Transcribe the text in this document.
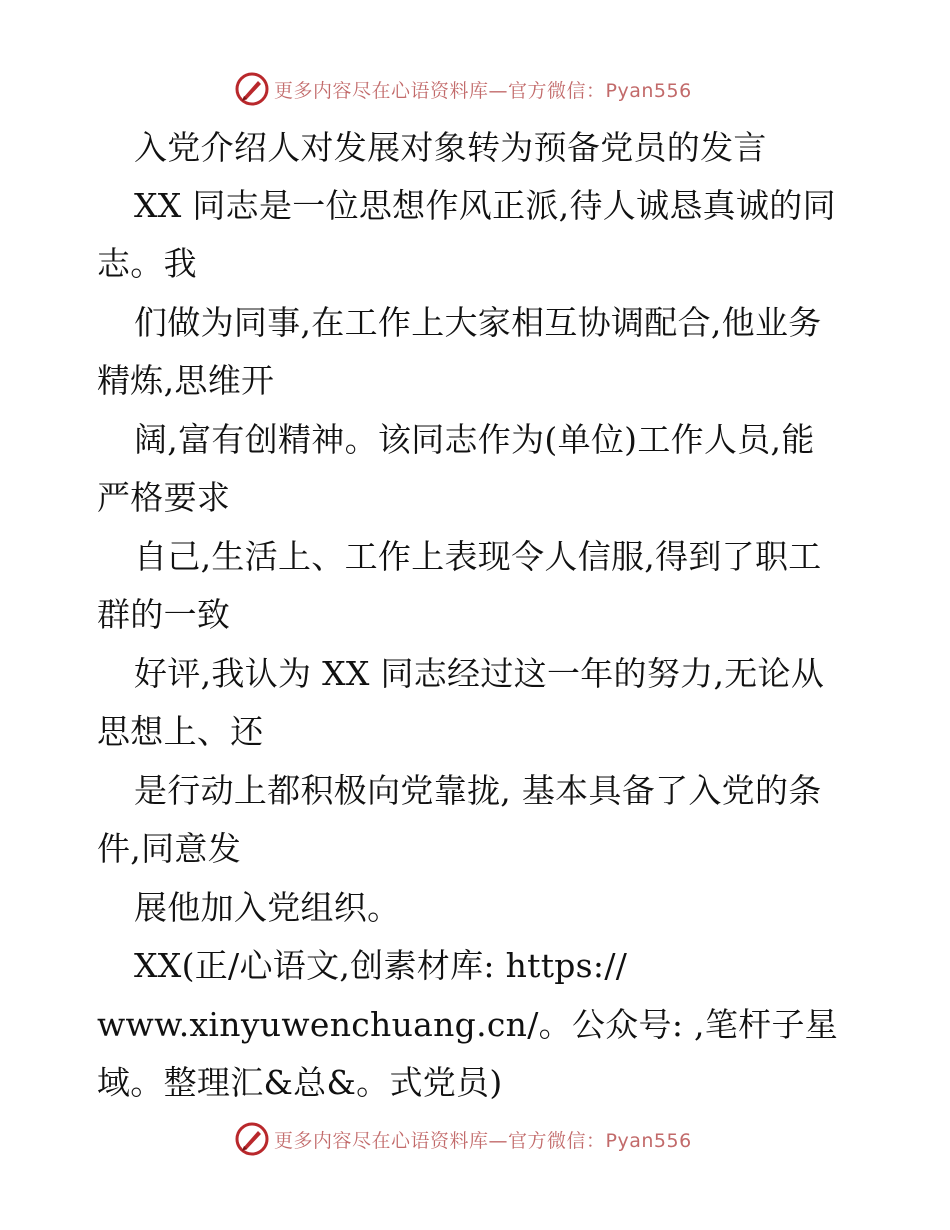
更多内容尽在心语资料库—官方微信：Pyan556
入党介绍人对发展对象转为预备党员的发言
XX 同志是一位思想作风正派,待人诚恳真诚的同
志。我
们做为同事,在工作上大家相互协调配合,他业务
精炼,思维开
阔,富有创精神。该同志作为(单位)工作人员,能
严格要求
自己,生活上、工作上表现令人信服,得到了职工
群的一致
好评,我认为 XX 同志经过这一年的努力,无论从
思想上、还
是行动上都积极向党靠拢, 基本具备了入党的条
件,同意发
展他加入党组织。
XX(正/心语文,创素材库: https://
www.xinyuwenchuang.cn/。公众号: ,笔杆子星
域。整理汇&总&。式党员)
更多内容尽在心语资料库—官方微信：Pyan556
